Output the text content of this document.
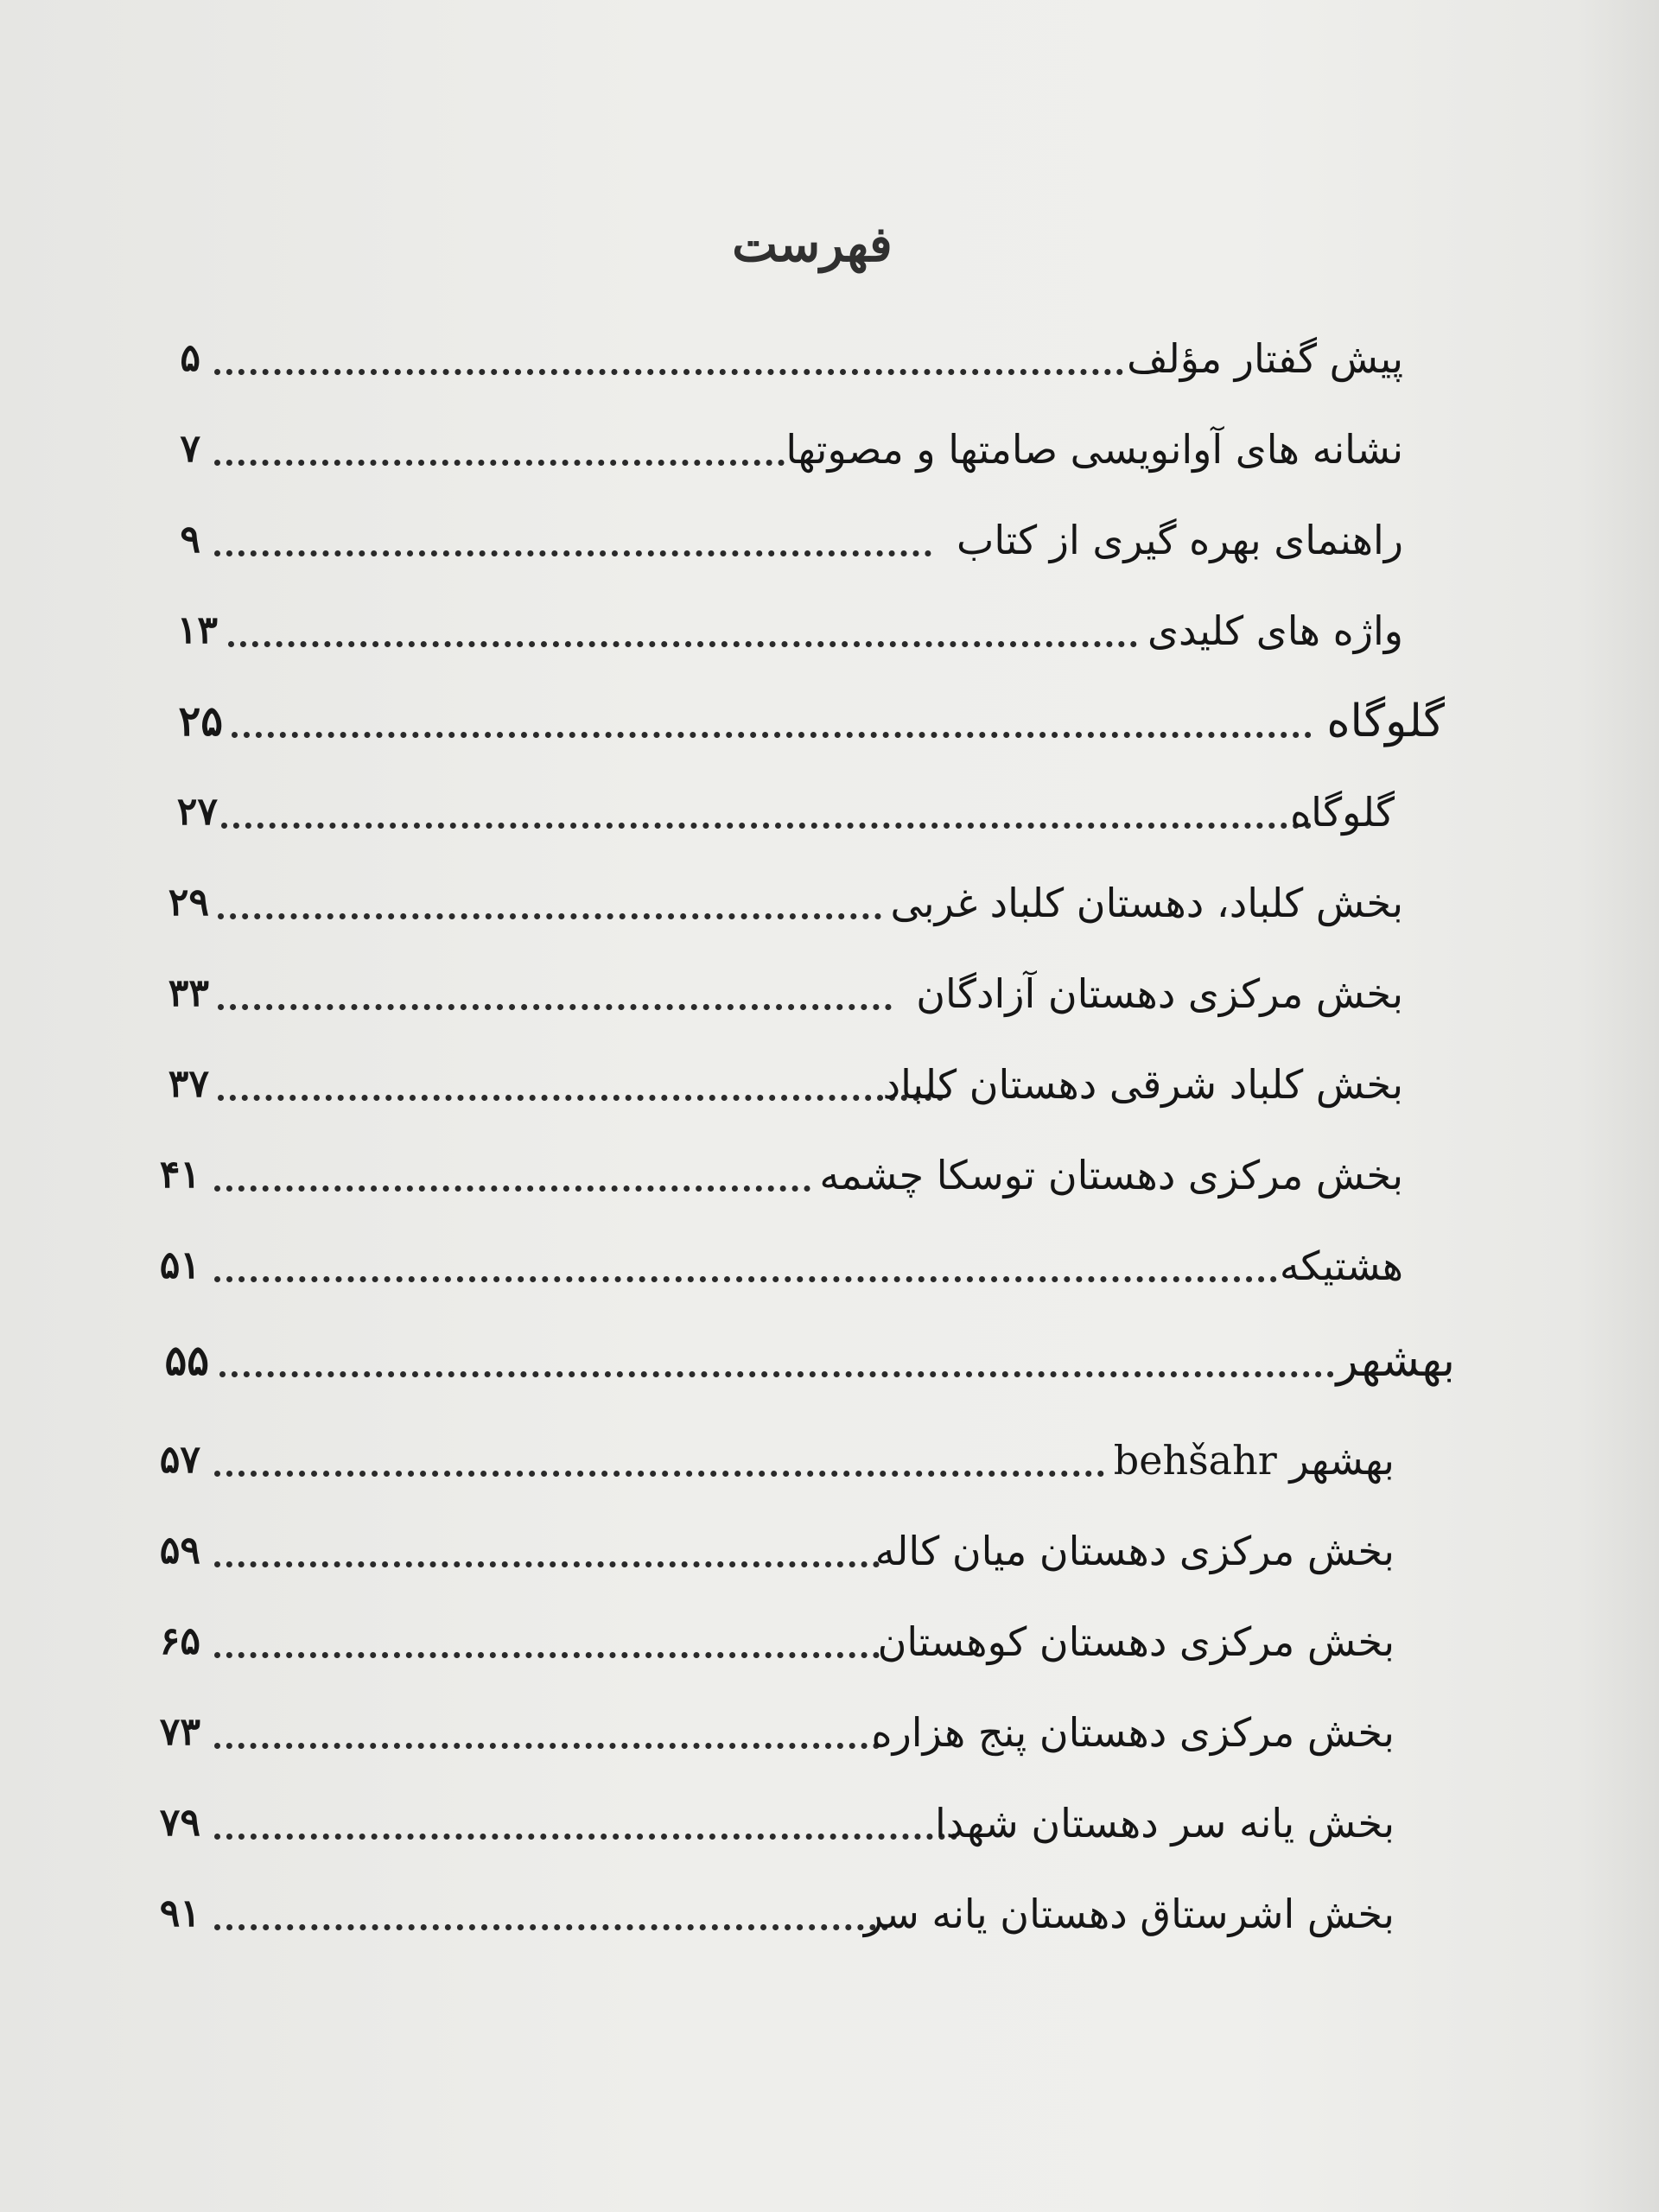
فهرست
۵	پیش گفتار مؤلف
۷	نشانه های آوانویسی صامتها و مصوتها
۹	راهنمای بهره گیری از کتاب
۱۳	واژه های کلیدی
۲۵	گلوگاه
۲۷	گلوگاه
۲۹	بخش کلباد، دهستان کلباد غربی
۳۳	بخش مرکزی دهستان آزادگان
۳۷	بخش کلباد شرقی دهستان کلباد
۴۱	بخش مرکزی دهستان توسکا چشمه
۵۱	هشتیکه
۵۵	بهشهر
۵۷	بهشهر behšahr
۵۹	بخش مرکزی دهستان میان کاله
۶۵	بخش مرکزی دهستان کوهستان
۷۳	بخش مرکزی دهستان پنج هزاره
۷۹	بخش یانه سر دهستان شهدا
۹۱	بخش اشرستاق دهستان یانه سر
